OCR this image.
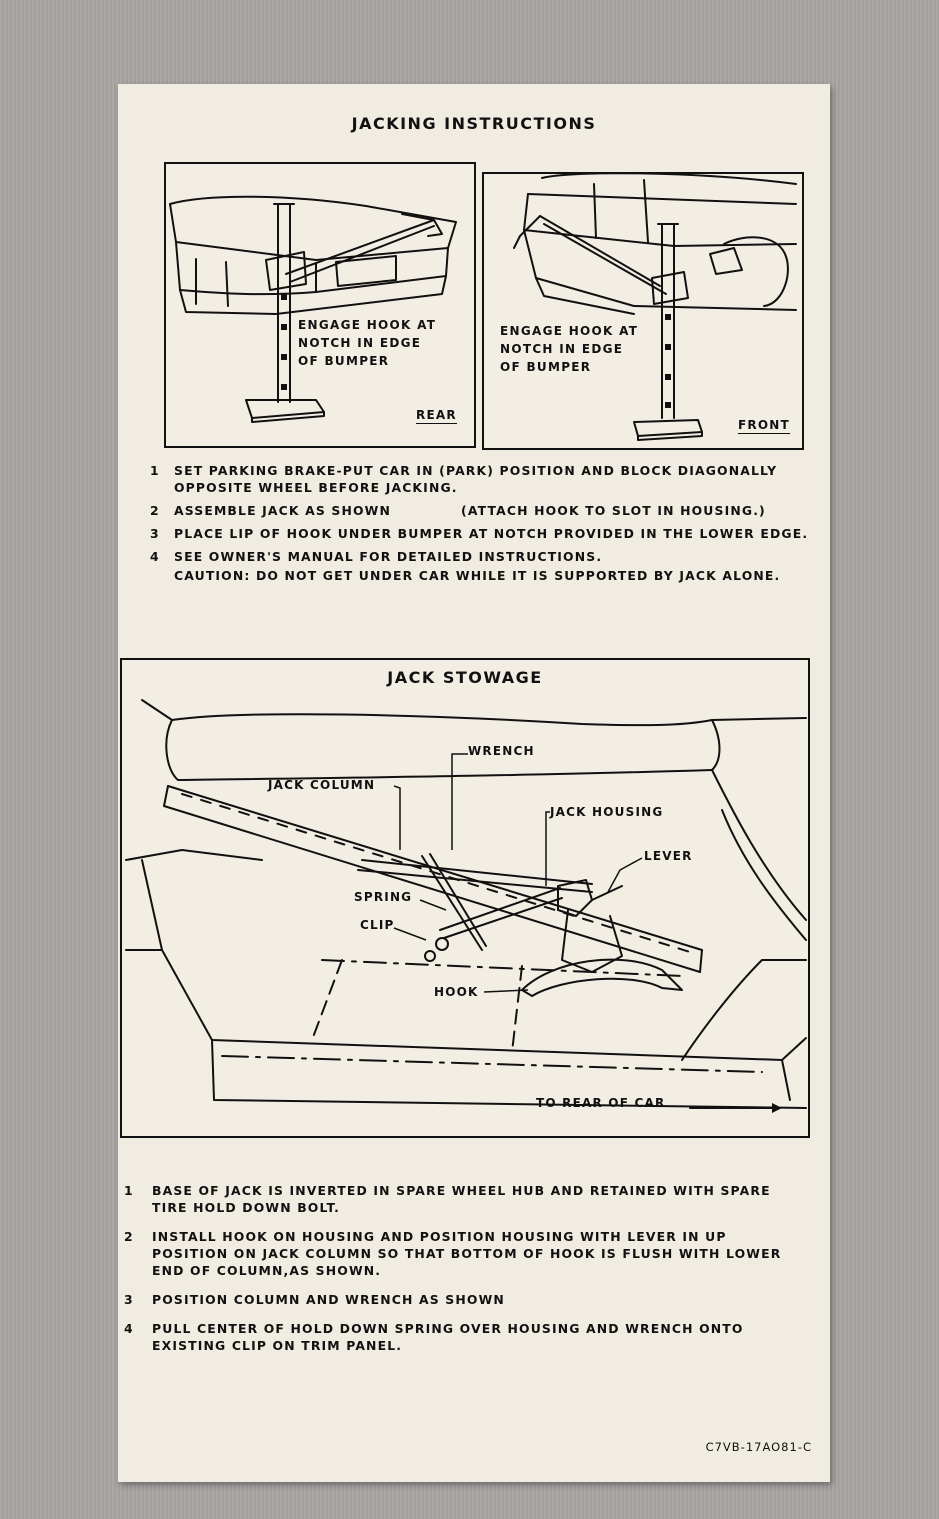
JACKING INSTRUCTIONS
ENGAGE HOOK AT
NOTCH IN EDGE
OF BUMPER
REAR
ENGAGE HOOK AT
NOTCH IN EDGE
OF BUMPER
FRONT
1	SET PARKING BRAKE-PUT CAR IN (PARK) POSITION AND BLOCK DIAGONALLY OPPOSITE WHEEL BEFORE JACKING.
2	ASSEMBLE JACK AS SHOWN	(ATTACH HOOK TO SLOT IN HOUSING.)
3	PLACE LIP OF HOOK UNDER BUMPER AT NOTCH PROVIDED IN THE LOWER EDGE.
4	SEE OWNER'S MANUAL FOR DETAILED INSTRUCTIONS.
CAUTION: DO NOT GET UNDER CAR WHILE IT IS SUPPORTED BY JACK ALONE.
JACK STOWAGE
WRENCH
JACK COLUMN
JACK HOUSING
LEVER
SPRING
CLIP
HOOK
TO REAR OF CAR
1	BASE OF JACK IS INVERTED IN SPARE WHEEL HUB AND RETAINED WITH SPARE TIRE HOLD DOWN BOLT.
2	INSTALL HOOK ON HOUSING AND POSITION HOUSING WITH LEVER IN UP POSITION ON JACK COLUMN SO THAT BOTTOM OF HOOK IS FLUSH WITH LOWER END OF COLUMN,AS SHOWN.
3	POSITION COLUMN AND WRENCH AS SHOWN
4	PULL CENTER OF HOLD DOWN SPRING OVER HOUSING AND WRENCH ONTO EXISTING CLIP ON TRIM PANEL.
C7VB-17AO81-C
